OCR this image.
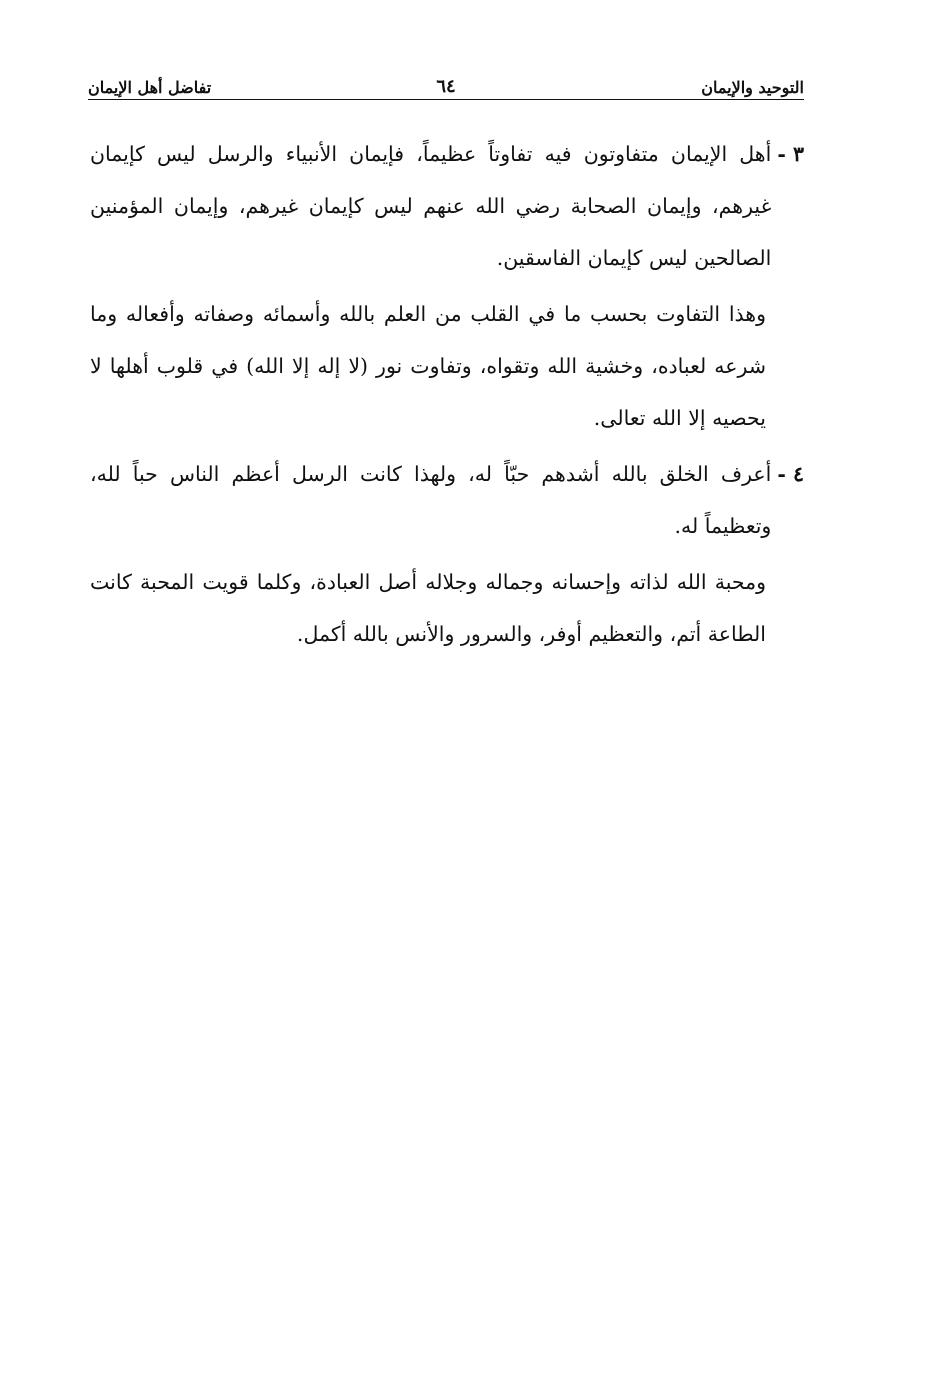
التوحيد والإيمان
٦٤
تفاضل أهل الإيمان
٣ -
أهل الإيمان متفاوتون فيه تفاوتاً عظيماً، فإيمان الأنبياء والرسل ليس كإيمان غيرهم، وإيمان الصحابة رضي الله عنهم ليس كإيمان غيرهم، وإيمان المؤمنين الصالحين ليس كإيمان الفاسقين.

وهذا التفاوت بحسب ما في القلب من العلم بالله وأسمائه وصفاته وأفعاله وما شرعه لعباده، وخشية الله وتقواه، وتفاوت نور (لا إله إلا الله) في قلوب أهلها لا يحصيه إلا الله تعالى.

٤ -
أعرف الخلق بالله أشدهم حبّاً له، ولهذا كانت الرسل أعظم الناس حباً لله، وتعظيماً له.

ومحبة الله لذاته وإحسانه وجماله وجلاله أصل العبادة، وكلما قويت المحبة كانت الطاعة أتم، والتعظيم أوفر، والسرور والأنس بالله أكمل.
